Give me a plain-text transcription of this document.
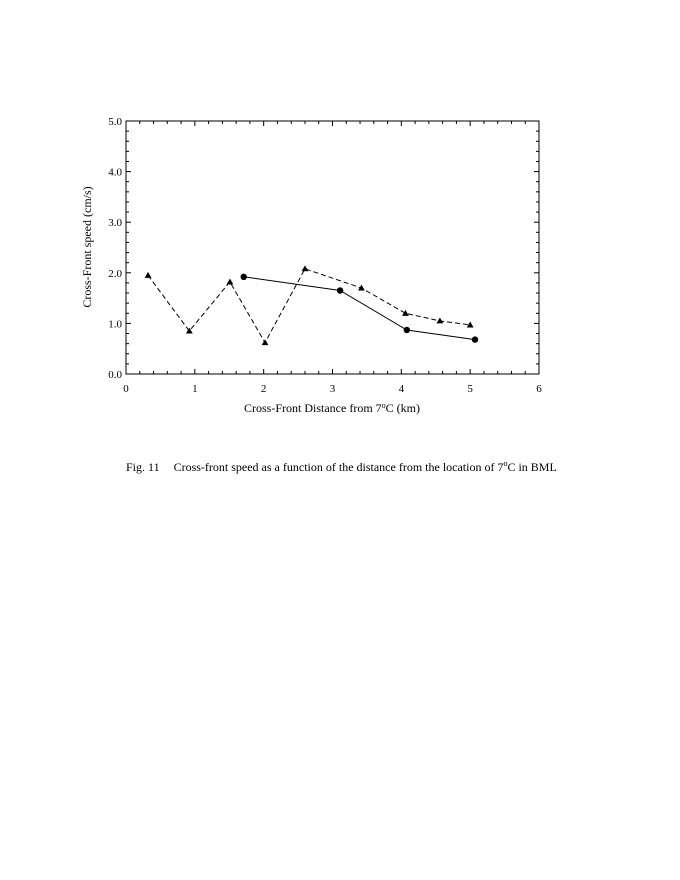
0	1	2	3	4	5	6
0.0
1.0
2.0
3.0
4.0
5.0
Cross-Front Distance from 7$^o$C (km)
Cross-Front speed (cm/s)
Fig. 11 Cross-front speed as a function of the distance from the location of 7$^o$C in BML
